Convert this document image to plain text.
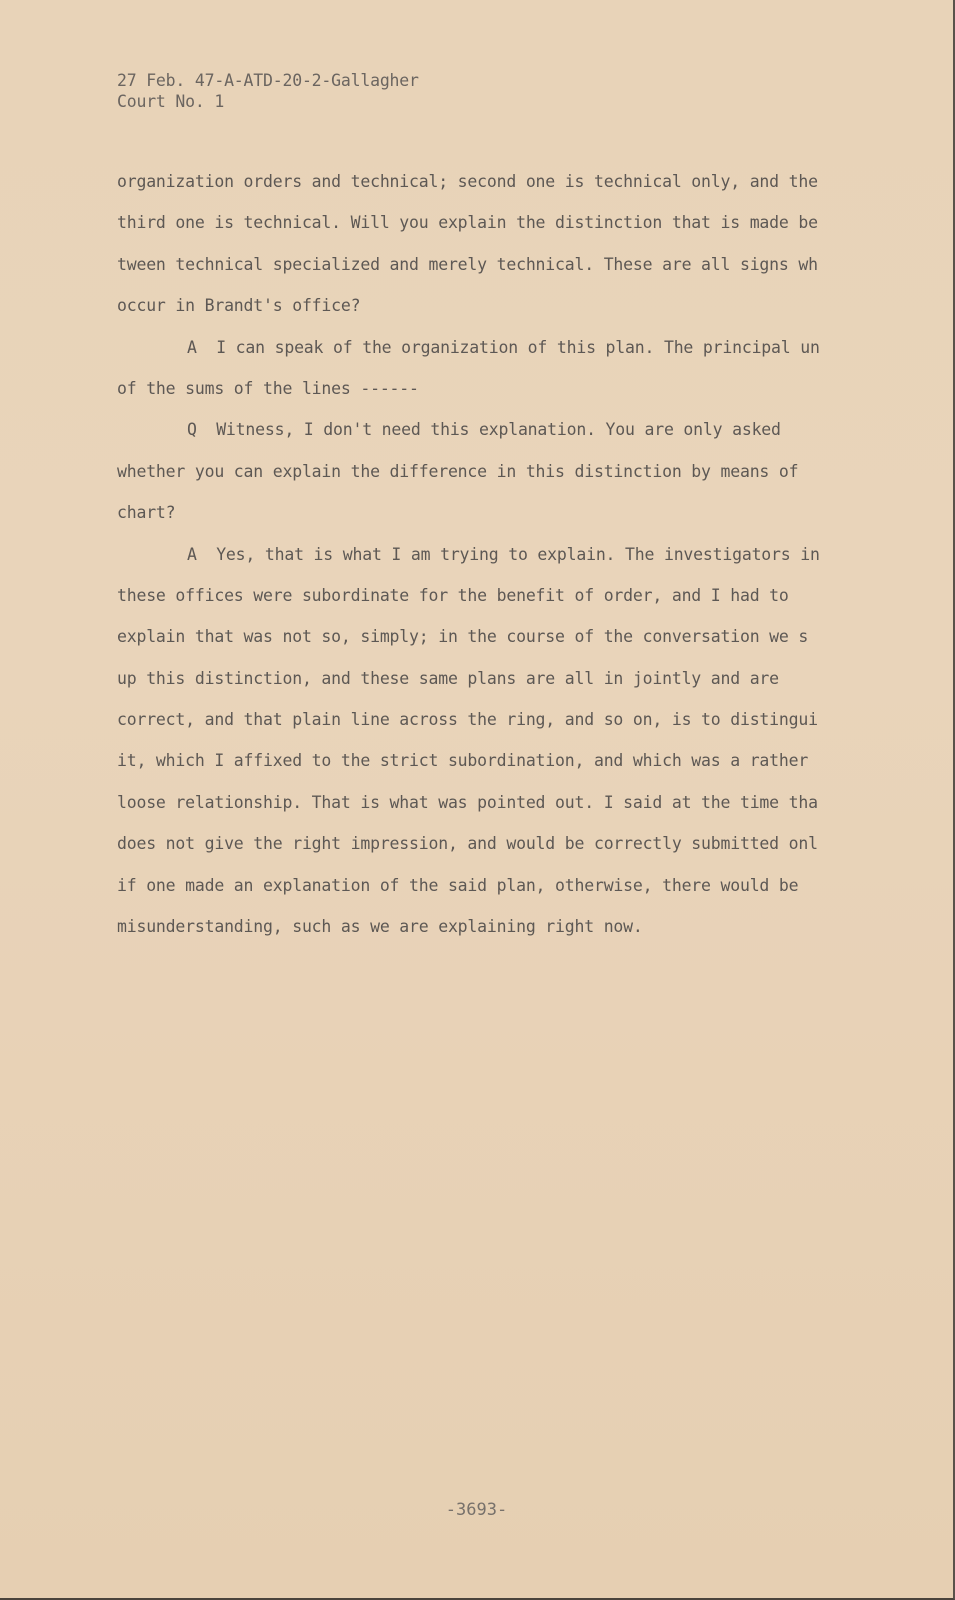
27 Feb. 47-A-ATD-20-2-Gallagher
Court No. 1
organization orders and technical; second one is technical only, and the
third one is technical. Will you explain the distinction that is made be
tween technical specialized and merely technical. These are all signs wh
occur in Brandt's office?
A  I can speak of the organization of this plan. The principal un
of the sums of the lines ------
Q  Witness, I don't need this explanation. You are only asked
whether you can explain the difference in this distinction by means of
chart?
A  Yes, that is what I am trying to explain. The investigators in
these offices were subordinate for the benefit of order, and I had to
explain that was not so, simply; in the course of the conversation we s
up this distinction, and these same plans are all in jointly and are
correct, and that plain line across the ring, and so on, is to distingui
it, which I affixed to the strict subordination, and which was a rather
loose relationship. That is what was pointed out. I said at the time tha
does not give the right impression, and would be correctly submitted onl
if one made an explanation of the said plan, otherwise, there would be
misunderstanding, such as we are explaining right now.
-3693-
